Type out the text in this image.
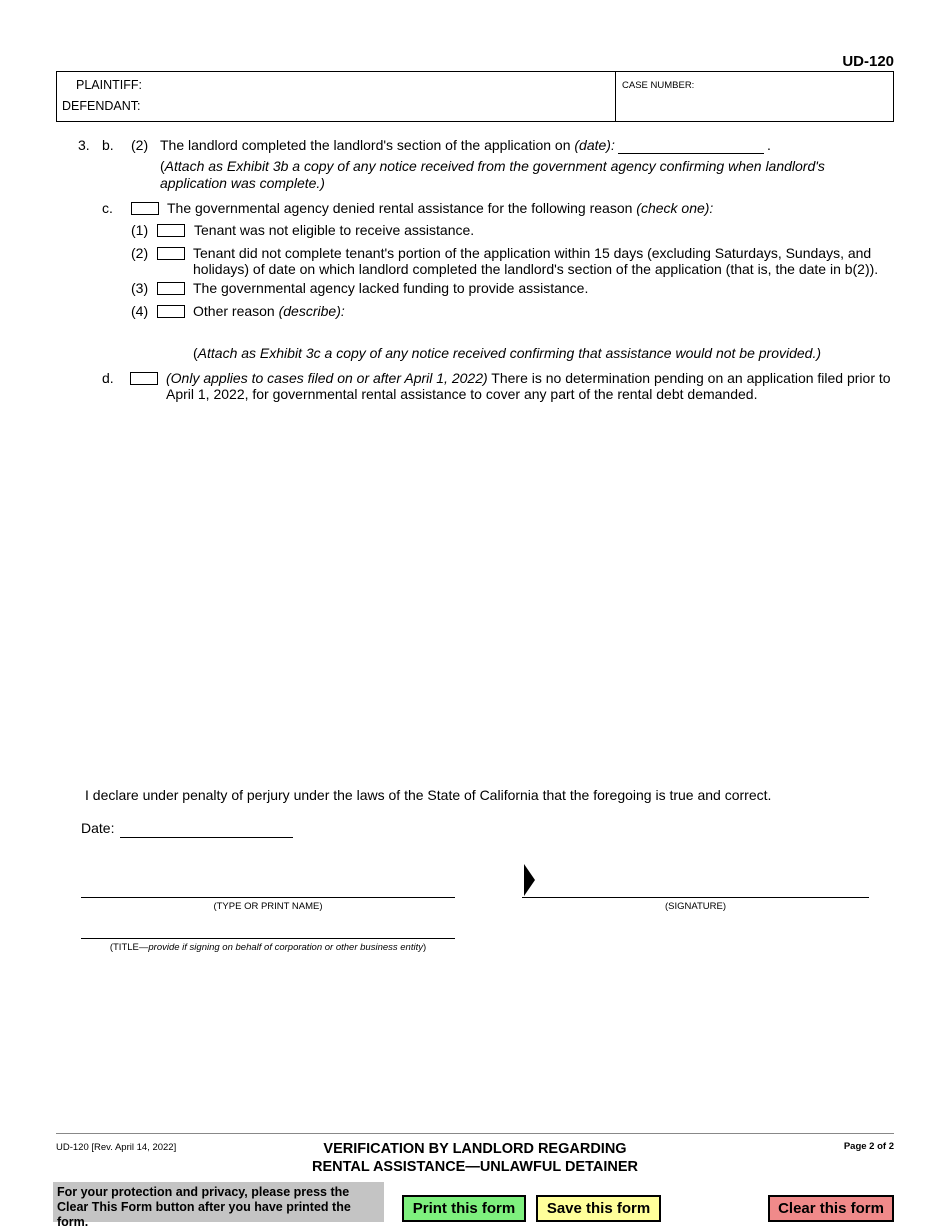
UD-120
PLAINTIFF:
DEFENDANT:
CASE NUMBER:
3. b. (2) The landlord completed the landlord's section of the application on (date):	.
(Attach as Exhibit 3b a copy of any notice received from the government agency confirming when landlord's
application was complete.)
c.	The governmental agency denied rental assistance for the following reason (check one):
(1)	Tenant was not eligible to receive assistance.
(2)	Tenant did not complete tenant's portion of the application within 15 days (excluding Saturdays, Sundays, and
holidays) of date on which landlord completed the landlord's section of the application (that is, the date in b(2)).
(3)	The governmental agency lacked funding to provide assistance.
(4)	Other reason (describe):
(Attach as Exhibit 3c a copy of any notice received confirming that assistance would not be provided.)
d.	(Only applies to cases filed on or after April 1, 2022) There is no determination pending on an application filed prior to
April 1, 2022, for governmental rental assistance to cover any part of the rental debt demanded.
I declare under penalty of perjury under the laws of the State of California that the foregoing is true and correct.
Date:
(TYPE OR PRINT NAME)	(SIGNATURE)
(TITLE—provide if signing on behalf of corporation or other business entity)
UD-120 [Rev. April 14, 2022]	VERIFICATION BY LANDLORD REGARDING
RENTAL ASSISTANCE—UNLAWFUL DETAINER
Page 2 of 2
For your protection and privacy, please press the Clear This Form button after you have printed the form.
Print this form	Save this form	Clear this form
